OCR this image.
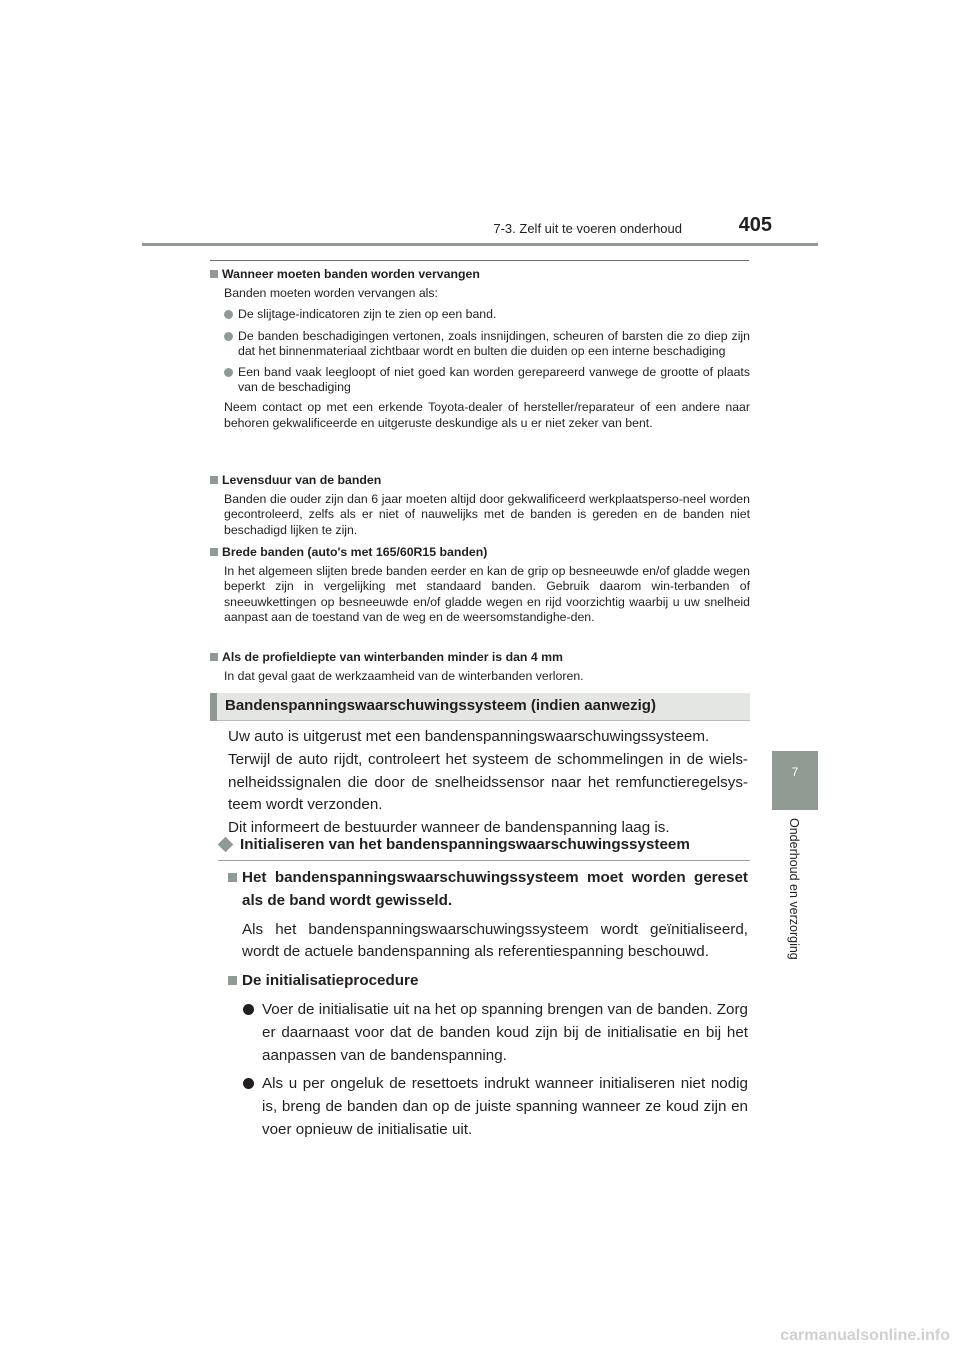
7-3. Zelf uit te voeren onderhoud	405
7
Onderhoud en verzorging
Wanneer moeten banden worden vervangen
Banden moeten worden vervangen als:
De slijtage-indicatoren zijn te zien op een band.
De banden beschadigingen vertonen, zoals insnijdingen, scheuren of barsten die zo diep zijn dat het binnenmateriaal zichtbaar wordt en bulten die duiden op een interne beschadiging
Een band vaak leegloopt of niet goed kan worden gerepareerd vanwege de grootte of plaats van de beschadiging
Neem contact op met een erkende Toyota-dealer of hersteller/reparateur of een andere naar behoren gekwalificeerde en uitgeruste deskundige als u er niet zeker van bent.
Levensduur van de banden
Banden die ouder zijn dan 6 jaar moeten altijd door gekwalificeerd werkplaatsperso-neel worden gecontroleerd, zelfs als er niet of nauwelijks met de banden is gereden en de banden niet beschadigd lijken te zijn.
Brede banden (auto's met 165/60R15 banden)
In het algemeen slijten brede banden eerder en kan de grip op besneeuwde en/of gladde wegen beperkt zijn in vergelijking met standaard banden. Gebruik daarom win-terbanden of sneeuwkettingen op besneeuwde en/of gladde wegen en rijd voorzichtig waarbij u uw snelheid aanpast aan de toestand van de weg en de weersomstandighe-den.
Als de profieldiepte van winterbanden minder is dan 4 mm
In dat geval gaat de werkzaamheid van de winterbanden verloren.
Bandenspanningswaarschuwingssysteem (indien aanwezig)

Uw auto is uitgerust met een bandenspanningswaarschuwingssysteem.

Terwijl de auto rijdt, controleert het systeem de schommelingen in de wiels-nelheidssignalen die door de snelheidssensor naar het remfunctieregelsys-teem wordt verzonden.

Dit informeert de bestuurder wanneer de bandenspanning laag is.

Initialiseren van het bandenspanningswaarschuwingssysteem
Het bandenspanningswaarschuwingssysteem moet worden gereset als de band wordt gewisseld.
Als het bandenspanningswaarschuwingssysteem wordt geïnitialiseerd, wordt de actuele bandenspanning als referentiespanning beschouwd.
De initialisatieprocedure
Voer de initialisatie uit na het op spanning brengen van de banden. Zorg er daarnaast voor dat de banden koud zijn bij de initialisatie en bij het aanpassen van de bandenspanning.
Als u per ongeluk de resettoets indrukt wanneer initialiseren niet nodig is, breng de banden dan op de juiste spanning wanneer ze koud zijn en voer opnieuw de initialisatie uit.
carmanualsonline.info
